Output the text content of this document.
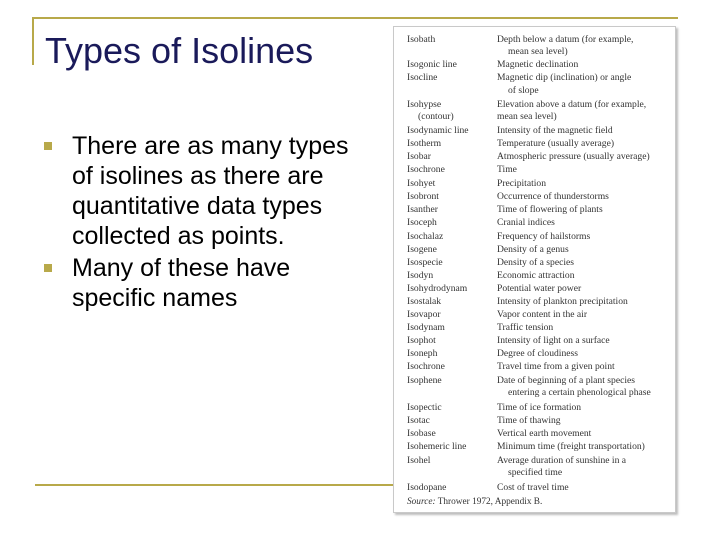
Types of Isolines
There are as many types of isolines as there are quantitative data types collected as points.
Many of these have specific names
Source: Thrower 1972, Appendix B.
Isobath	Depth below a datum (for example,
mean sea level)
Isogonic line	Magnetic declination
Isocline	Magnetic dip (inclination) or angle
of slope
Isohypse	Elevation above a datum (for example,
(contour)	mean sea level)
Isodynamic line	Intensity of the magnetic field
Isotherm	Temperature (usually average)
Isobar	Atmospheric pressure (usually average)
Isochrone	Time
Isohyet	Precipitation
Isobront	Occurrence of thunderstorms
Isanther	Time of flowering of plants
Isoceph	Cranial indices
Isochalaz	Frequency of hailstorms
Isogene	Density of a genus
Isospecie	Density of a species
Isodyn	Economic attraction
Isohydrodynam	Potential water power
Isostalak	Intensity of plankton precipitation
Isovapor	Vapor content in the air
Isodynam	Traffic tension
Isophot	Intensity of light on a surface
Isoneph	Degree of cloudiness
Isochrone	Travel time from a given point
Isophene	Date of beginning of a plant species
entering a certain phenological phase
Isopectic	Time of ice formation
Isotac	Time of thawing
Isobase	Vertical earth movement
Isohemeric line	Minimum time (freight transportation)
Isohel	Average duration of sunshine in a
specified time
Isodopane	Cost of travel time
